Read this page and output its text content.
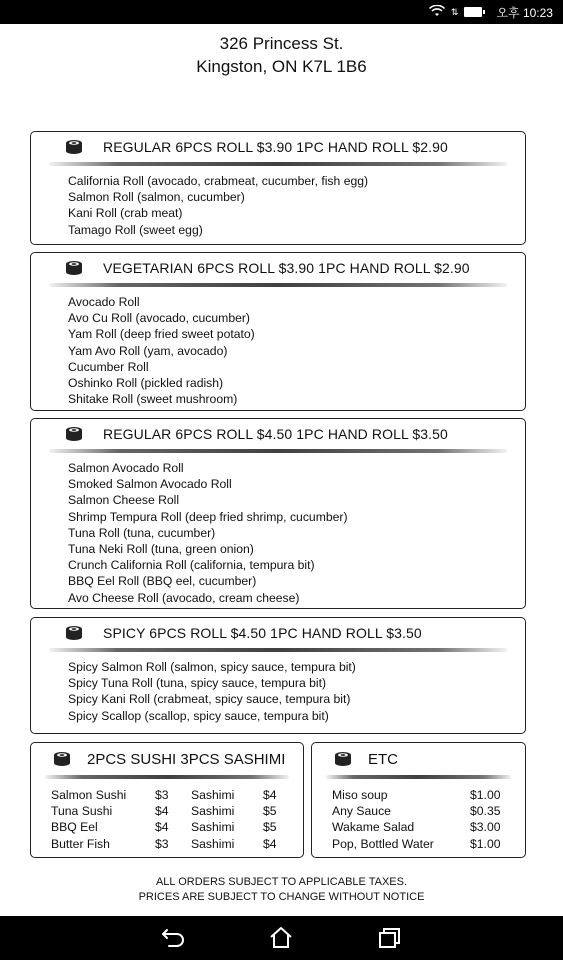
⇅	오후 10:23
326 Princess St.
Kingston, ON K7L 1B6
REGULAR 6PCS ROLL $3.90 1PC HAND ROLL $2.90
California Roll (avocado, crabmeat, cucumber, fish egg)
Salmon Roll (salmon, cucumber)
Kani Roll (crab meat)
Tamago Roll (sweet egg)
VEGETARIAN 6PCS ROLL $3.90 1PC HAND ROLL $2.90
Avocado Roll
Avo Cu Roll (avocado, cucumber)
Yam Roll (deep fried sweet potato)
Yam Avo Roll (yam, avocado)
Cucumber Roll
Oshinko Roll (pickled radish)
Shitake Roll (sweet mushroom)
REGULAR 6PCS ROLL $4.50 1PC HAND ROLL $3.50
Salmon Avocado Roll
Smoked Salmon Avocado Roll
Salmon Cheese Roll
Shrimp Tempura Roll (deep fried shrimp, cucumber)
Tuna Roll (tuna, cucumber)
Tuna Neki Roll (tuna, green onion)
Crunch California Roll (california, tempura bit)
BBQ Eel Roll (BBQ eel, cucumber)
Avo Cheese Roll (avocado, cream cheese)
SPICY 6PCS ROLL $4.50 1PC HAND ROLL $3.50
Spicy Salmon Roll (salmon, spicy sauce, tempura bit)
Spicy Tuna Roll (tuna, spicy sauce, tempura bit)
Spicy Kani Roll (crabmeat, spicy sauce, tempura bit)
Spicy Scallop (scallop, spicy sauce, tempura bit)
2PCS SUSHI 3PCS SASHIMI
Salmon Sushi	$3	Sashimi	$4
Tuna Sushi	$4	Sashimi	$5
BBQ Eel	$4	Sashimi	$5
Butter Fish	$3	Sashimi	$4
ETC
Miso soup	$1.00
Any Sauce	$0.35
Wakame Salad	$3.00
Pop, Bottled Water	$1.00
ALL ORDERS SUBJECT TO APPLICABLE TAXES.
PRICES ARE SUBJECT TO CHANGE WITHOUT NOTICE
